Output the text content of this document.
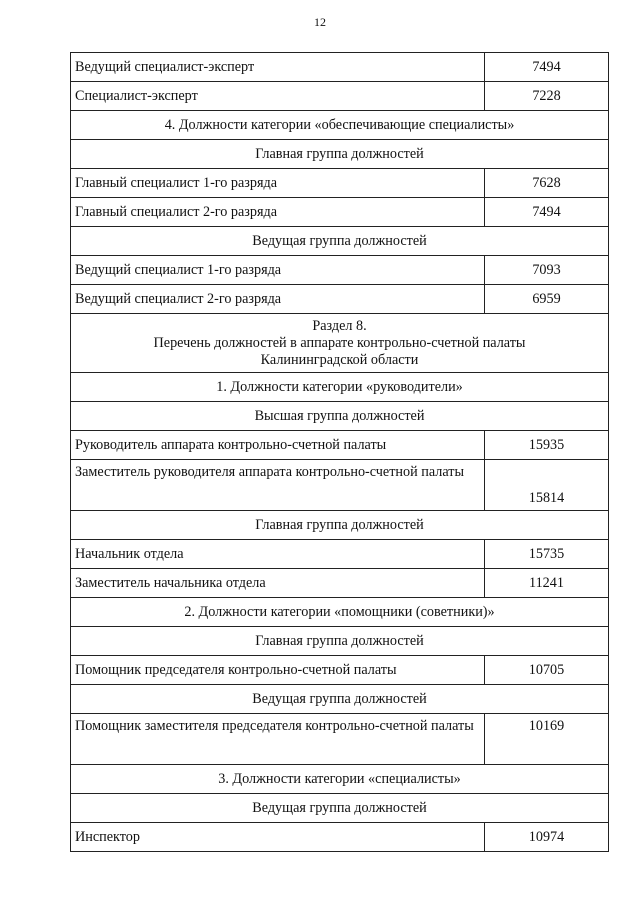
12
Ведущий специалист-эксперт	7494
Специалист-эксперт	7228
4. Должности категории «обеспечивающие специалисты»	
Главная группа должностей	
Главный специалист 1-го разряда	7628
Главный специалист 2-го разряда	7494
Ведущая группа должностей	
Ведущий специалист 1-го разряда	7093
Ведущий специалист 2-го разряда	6959

Раздел 8.
Перечень должностей в аппарате контрольно-счетной палаты
Калининградской области	

1. Должности категории «руководители»	
Высшая группа должностей	
Руководитель аппарата контрольно-счетной палаты	15935
Заместитель руководителя аппарата контрольно-счетной палаты	15814
Главная группа должностей	
Начальник отдела	15735
Заместитель начальника отдела	11241
2. Должности категории «помощники (советники)»	
Главная группа должностей	
Помощник председателя контрольно-счетной палаты	10705
Ведущая группа должностей	
Помощник заместителя председателя контрольно-счетной палаты	10169
3. Должности категории «специалисты»	
Ведущая группа должностей	
Инспектор	10974
